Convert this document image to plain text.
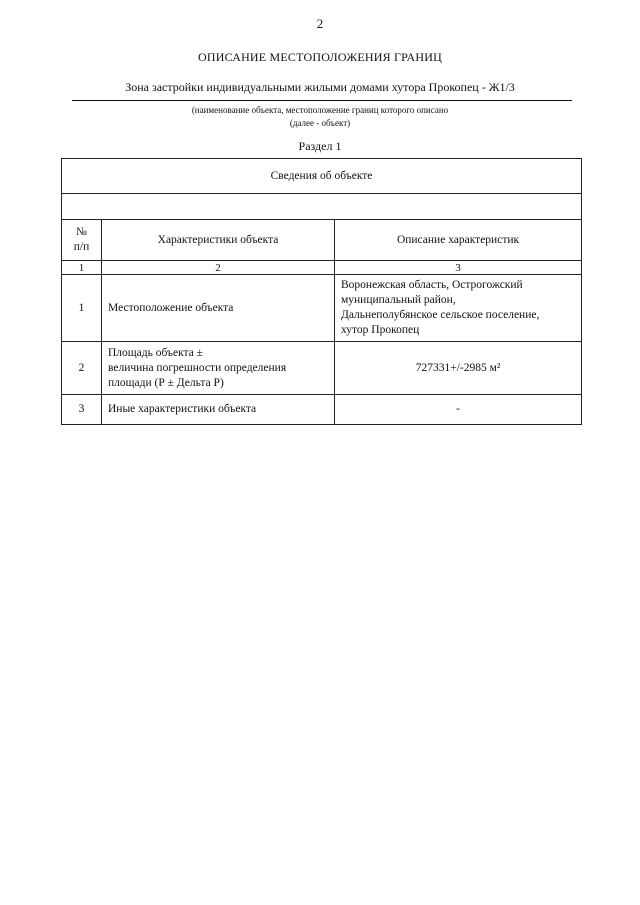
2
ОПИСАНИЕ МЕСТОПОЛОЖЕНИЯ ГРАНИЦ
Зона застройки индивидуальными жилыми домами хутора Прокопец - Ж1/3
(наименование объекта, местоположение границ которого описано
(далее - объект)
Раздел 1
Сведения об объекте		

№
п/п	Характеристики объекта	Описание характеристик
1	2	3
1	Местоположение объекта	Воронежская область, Острогожский
муниципальный район,
Дальнеполубянское сельское поселение,
хутор Прокопец

2	Площадь объекта ±
величина погрешности определения
площади (Р ± Дельта Р)	727331+/-2985 м²

3	Иные характеристики объекта	-
